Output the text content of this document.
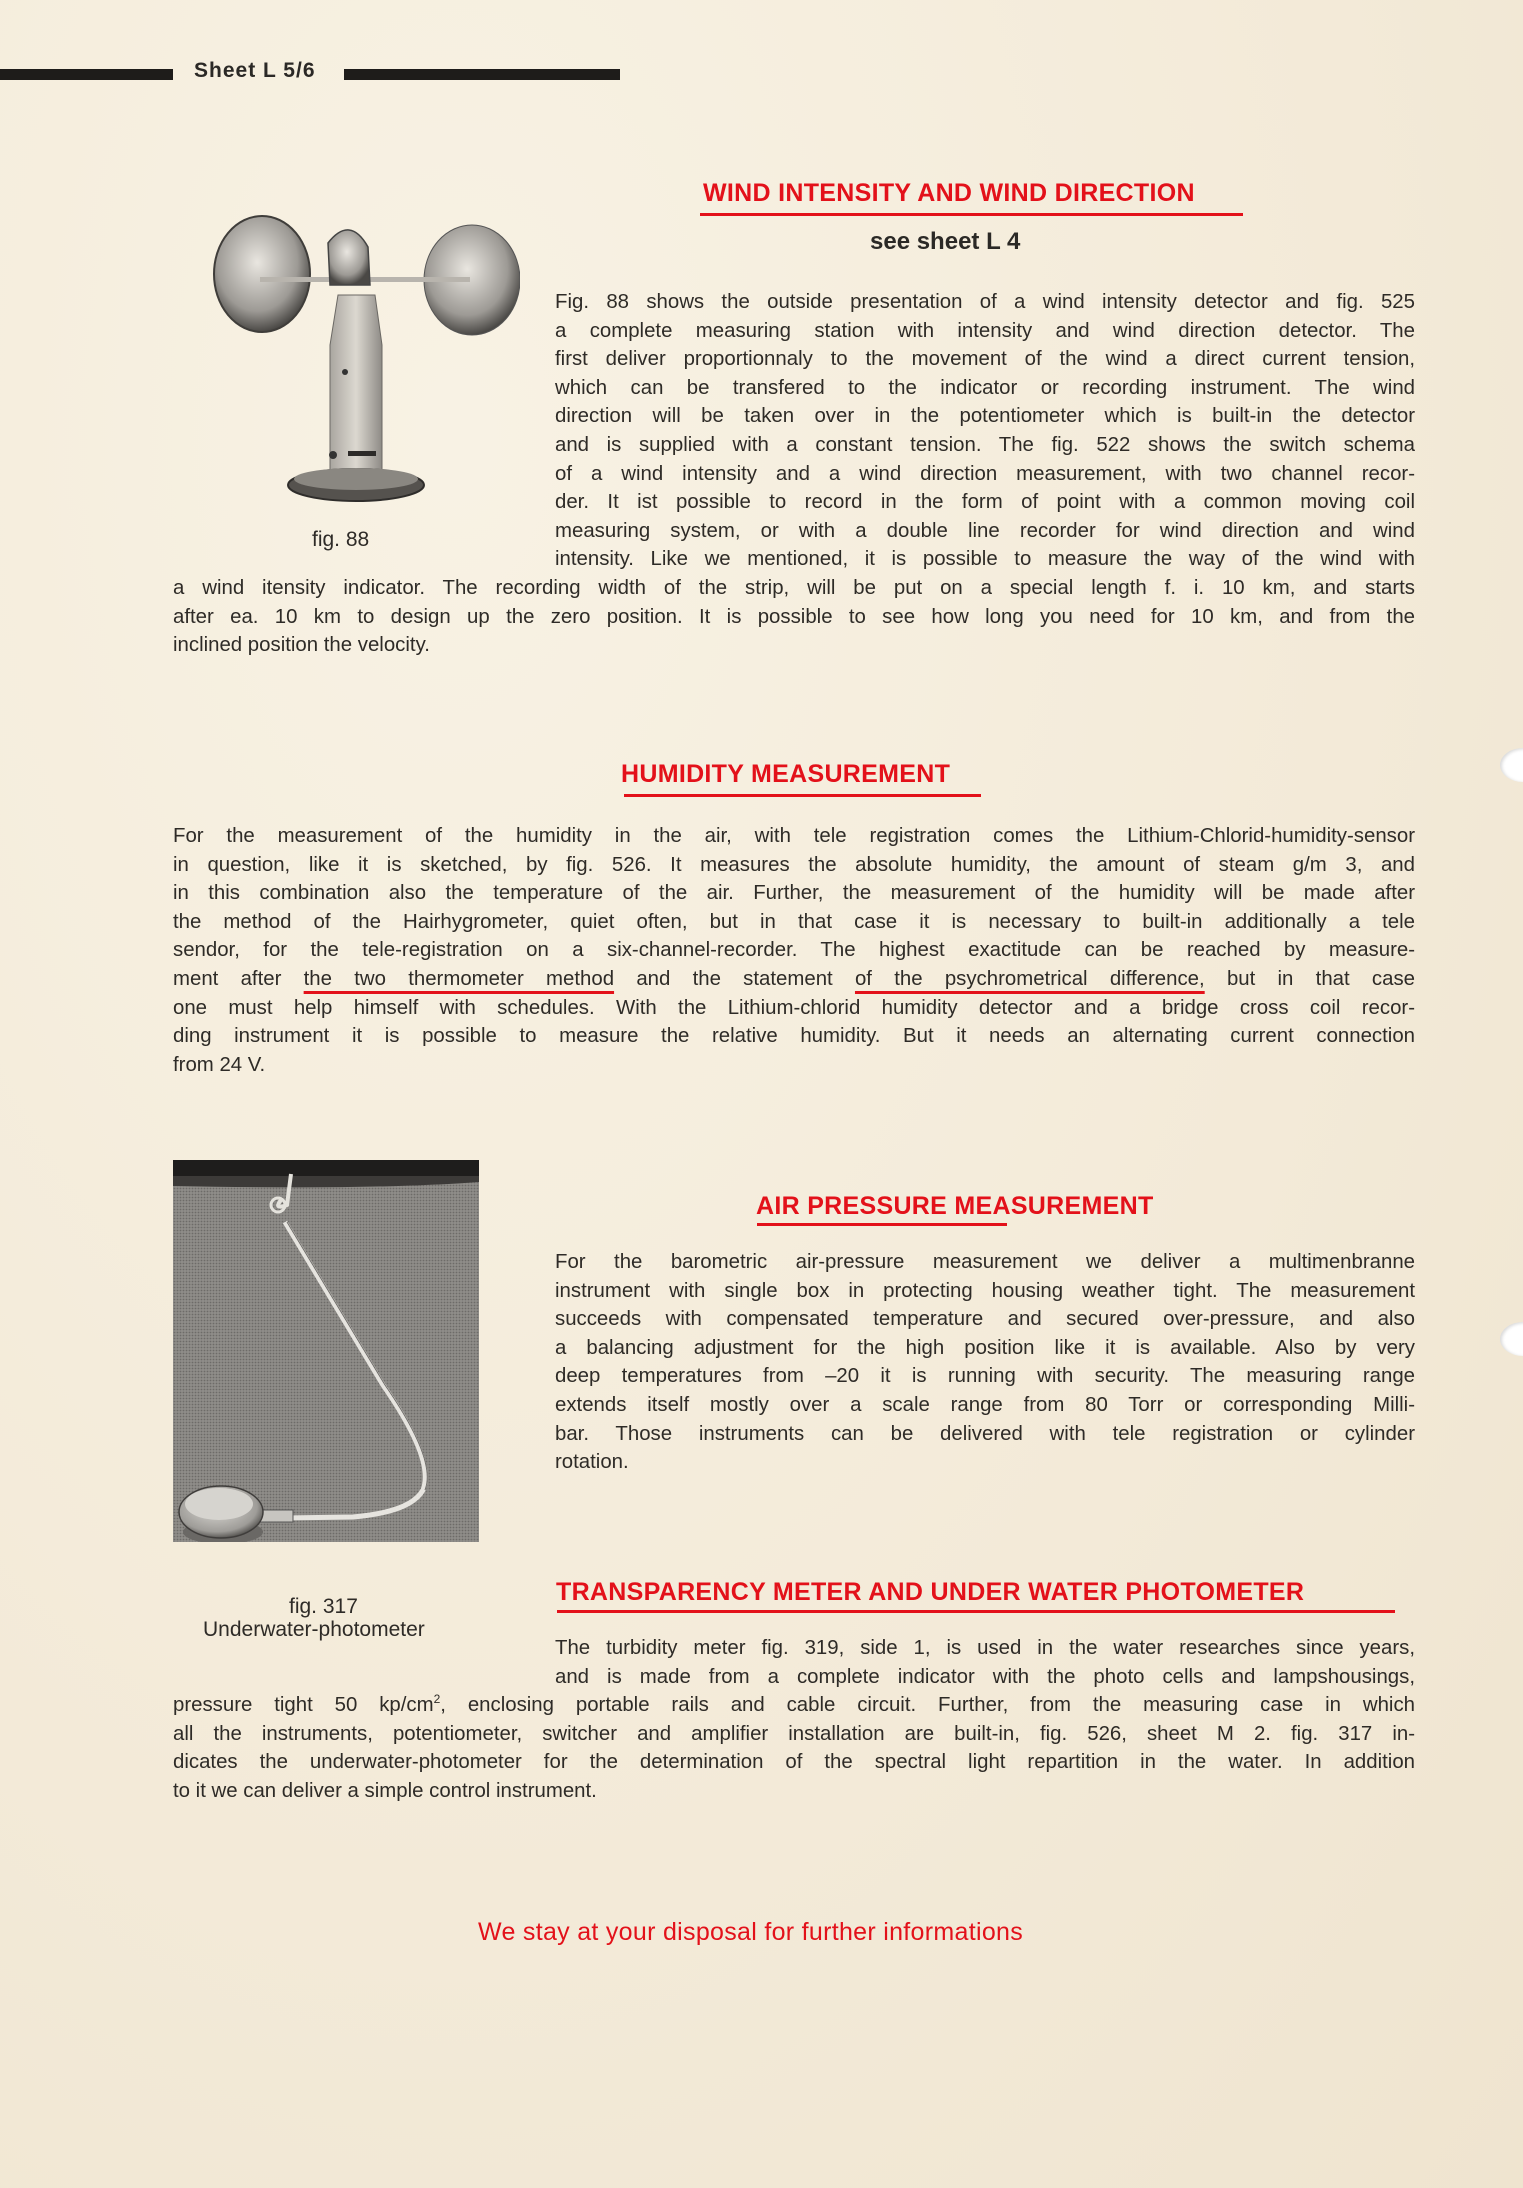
Sheet L 5/6
WIND INTENSITY AND WIND DIRECTION
see sheet L 4
fig. 88
Fig. 88 shows the outside presentation of a wind intensity detector and fig. 525
a complete measuring station with intensity and wind direction detector. The
first deliver proportionnaly to the movement of the wind a direct current tension,
which can be transfered to the indicator or recording instrument. The wind
direction will be taken over in the potentiometer which is built-in the detector
and is supplied with a constant tension. The fig. 522 shows the switch schema
of a wind intensity and a wind direction measurement, with two channel recor-
der. It ist possible to record in the form of point with a common moving coil
measuring system, or with a double line recorder for wind direction and wind
intensity. Like we mentioned, it is possible to measure the way of the wind with
a wind itensity indicator. The recording width of the strip, will be put on a special length f. i. 10 km, and starts
after ea. 10 km to design up the zero position. It is possible to see how long you need for 10 km, and from the
inclined position the velocity.
HUMIDITY MEASUREMENT
For the measurement of the humidity in the air, with tele registration comes the Lithium-Chlorid-humidity-sensor
in question, like it is sketched, by fig. 526. It measures the absolute humidity, the amount of steam g/m 3, and
in this combination also the temperature of the air. Further, the measurement of the humidity will be made after
the method of the Hairhygrometer, quiet often, but in that case it is necessary to built-in additionally a tele
sendor, for the tele-registration on a six-channel-recorder. The highest exactitude can be reached by measure-
ment after the two thermometer method and the statement of the psychrometrical difference, but in that case
one must help himself with schedules. With the Lithium-chlorid humidity detector and a bridge cross coil recor-
ding instrument it is possible to measure the relative humidity. But it needs an alternating current connection
from 24 V.
fig. 317
Underwater-photometer
AIR PRESSURE MEASUREMENT
For the barometric air-pressure measurement we deliver a multimenbranne
instrument with single box in protecting housing weather tight. The measurement
succeeds with compensated temperature and secured over-pressure, and also
a balancing adjustment for the high position like it is available. Also by very
deep temperatures from –20 it is running with security. The measuring range
extends itself mostly over a scale range from 80 Torr or corresponding Milli-
bar. Those instruments can be delivered with tele registration or cylinder
rotation.
TRANSPARENCY METER AND UNDER WATER PHOTOMETER
The turbidity meter fig. 319, side 1, is used in the water researches since years,
and is made from a complete indicator with the photo cells and lampshousings,
pressure tight 50 $kp/cm^2$, enclosing portable rails and cable circuit. Further, from the measuring case in which
all the instruments, potentiometer, switcher and amplifier installation are built-in, fig. 526, sheet M 2. fig. 317 in-
dicates the underwater-photometer for the determination of the spectral light repartition in the water. In addition
to it we can deliver a simple control instrument.
We stay at your disposal for further informations
